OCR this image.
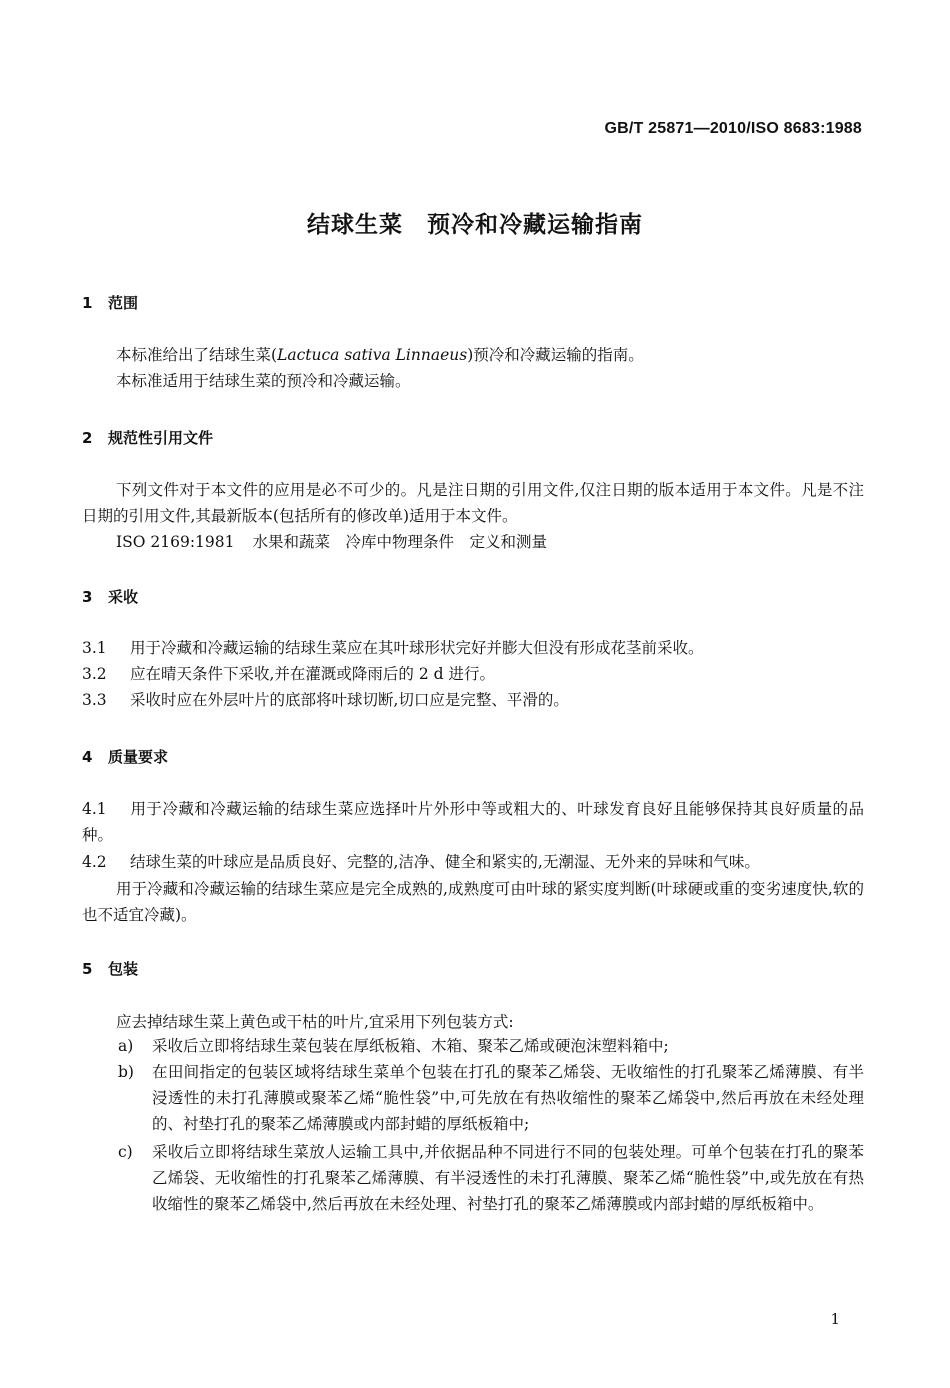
GB/T 25871—2010/ISO 8683:1988
结球生菜　预冷和冷藏运输指南
1 范围
本标准给出了结球生菜(Lactuca sativa Linnaeus)预冷和冷藏运输的指南。
本标准适用于结球生菜的预冷和冷藏运输。
2 规范性引用文件
下列文件对于本文件的应用是必不可少的。凡是注日期的引用文件,仅注日期的版本适用于本文件。凡是不注日期的引用文件,其最新版本(包括所有的修改单)适用于本文件。
ISO 2169:1981 水果和蔬菜　冷库中物理条件　定义和测量
3 采收
3.1 用于冷藏和冷藏运输的结球生菜应在其叶球形状完好并膨大但没有形成花茎前采收。
3.2 应在晴天条件下采收,并在灌溉或降雨后的 2 d 进行。
3.3 采收时应在外层叶片的底部将叶球切断,切口应是完整、平滑的。
4 质量要求
4.1 用于冷藏和冷藏运输的结球生菜应选择叶片外形中等或粗大的、叶球发育良好且能够保持其良好质量的品种。
4.2 结球生菜的叶球应是品质良好、完整的,洁净、健全和紧实的,无潮湿、无外来的异味和气味。
用于冷藏和冷藏运输的结球生菜应是完全成熟的,成熟度可由叶球的紧实度判断(叶球硬或重的变劣速度快,软的也不适宜冷藏)。
5 包装
应去掉结球生菜上黄色或干枯的叶片,宜采用下列包装方式:
a) 采收后立即将结球生菜包装在厚纸板箱、木箱、聚苯乙烯或硬泡沫塑料箱中;
b) 在田间指定的包装区域将结球生菜单个包装在打孔的聚苯乙烯袋、无收缩性的打孔聚苯乙烯薄膜、有半浸透性的未打孔薄膜或聚苯乙烯“脆性袋”中,可先放在有热收缩性的聚苯乙烯袋中,然后再放在未经处理的、衬垫打孔的聚苯乙烯薄膜或内部封蜡的厚纸板箱中;
c) 采收后立即将结球生菜放人运输工具中,并依据品种不同进行不同的包装处理。可单个包装在打孔的聚苯乙烯袋、无收缩性的打孔聚苯乙烯薄膜、有半浸透性的未打孔薄膜、聚苯乙烯“脆性袋”中,或先放在有热收缩性的聚苯乙烯袋中,然后再放在未经处理、衬垫打孔的聚苯乙烯薄膜或内部封蜡的厚纸板箱中。
1
